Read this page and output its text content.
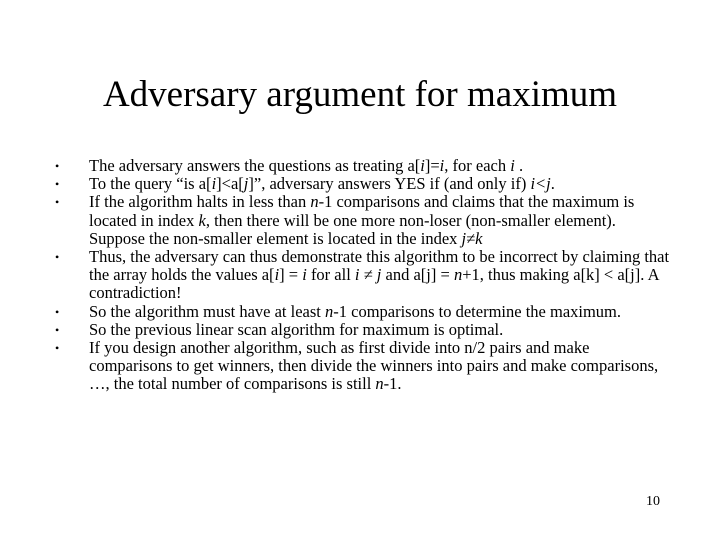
Adversary argument for maximum
• The adversary answers the questions as treating a[i]=i, for each i .
• To the query “is a[i]<a[j]”, adversary answers YES if (and only if) i<j.
• If the algorithm halts in less than n-1 comparisons and claims that the maximum is located in index k, then there will be one more non-loser (non-smaller element). Suppose the non-smaller element is located in the index j≠k
• Thus, the adversary can thus demonstrate this algorithm to be incorrect by claiming that the array holds the values a[i] = i for all i ≠ j and a[j] = n+1, thus making a[k] < a[j]. A contradiction!
• So the algorithm must have at least n-1 comparisons to determine the maximum.
• So the previous linear scan algorithm for maximum is optimal.
• If you design another algorithm, such as first divide into n/2 pairs and make comparisons to get winners, then divide the winners into pairs and make comparisons, …, the total number of comparisons is still n-1.
10
